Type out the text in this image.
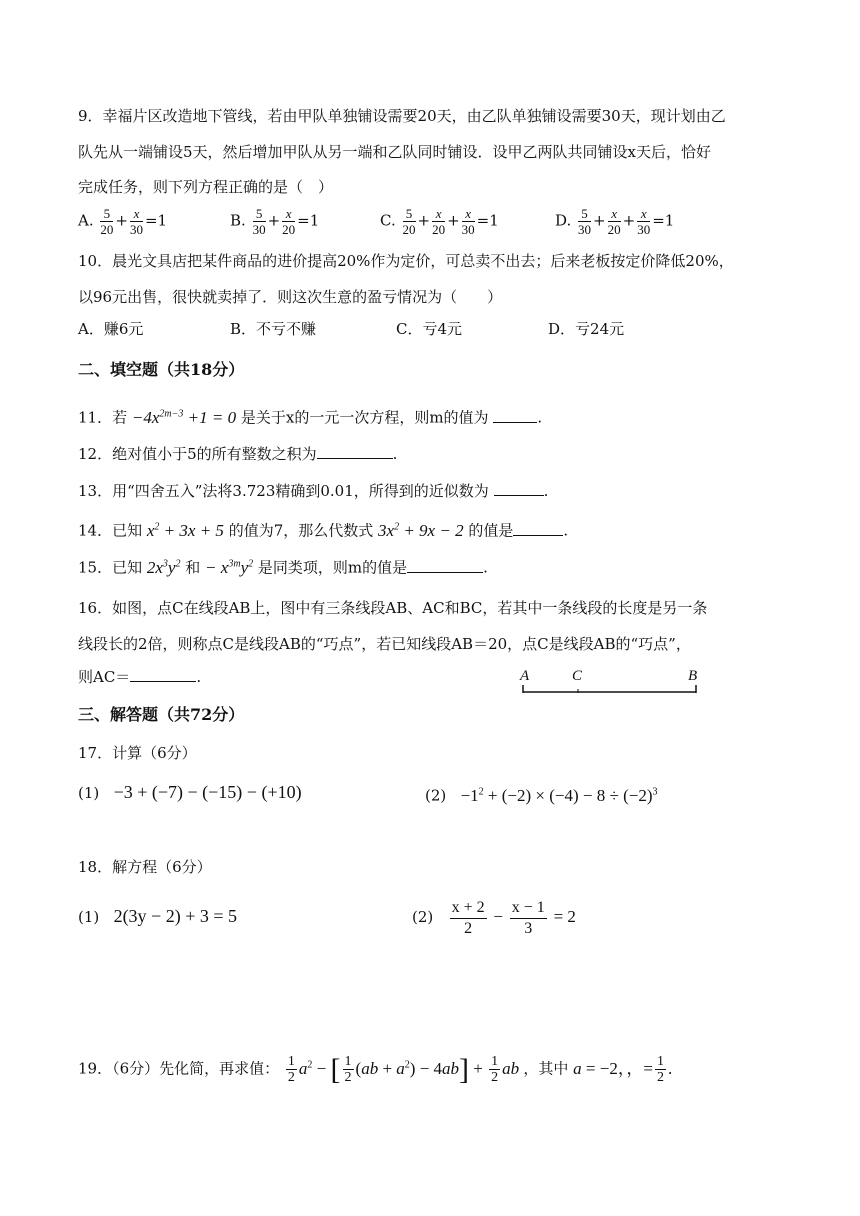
9．幸福片区改造地下管线，若由甲队单独铺设需要20天，由乙队单独铺设需要30天，现计划由乙
队先从一端铺设5天，然后增加甲队从另一端和乙队同时铺设．设甲乙两队共同铺设x天后，恰好
完成任务，则下列方程正确的是（　）
A. $\frac{5}{20} + \frac{x}{30} =1$	B. $\frac{5}{30} + \frac{x}{20} =1$	C. $\frac{5}{20} + \frac{x}{20} + \frac{x}{30} =1$	D. $\frac{5}{30} + \frac{x}{20} + \frac{x}{30} =1$
10．晨光文具店把某件商品的进价提高20%作为定价，可总卖不出去；后来老板按定价降低20%，
以96元出售，很快就卖掉了．则这次生意的盈亏情况为（　　）
A．赚6元	B．不亏不赚	C．亏4元	D．亏24元
二、填空题（共18分）
11．若 $-4x^{2m-3} +1 = 0$ 是关于x的一元一次方程，则m的值为	.
12．绝对值小于5的所有整数之积为	.
13．用“四舍五入”法将3.723精确到0.01，所得到的近似数为	.
14．已知 $x^2 + 3x + 5$ 的值为7，那么代数式 $3x^2 + 9x - 2$ 的值是	.
15．已知 $2x^3y^2$ 和 − $x^{3m}y^2$ 是同类项，则m的值是	.
16．如图，点C在线段AB上，图中有三条线段AB、AC和BC，若其中一条线段的长度是另一条
线段长的2倍，则称点C是线段AB的“巧点”，若已知线段AB＝20，点C是线段AB的“巧点”，
则AC＝	.	A	C	B
三、解答题（共72分）
17．计算（6分）
(1) −3 + (−7) − (−15) − (+10)	$(2) -1^2 + (-2) \times (-4) - 8 \div (-2)^3$
18．解方程（6分）
(1) 2(3y − 2) + 3 = 5	$(2) \frac{x + 2}{2} - \frac{x - 1}{3} = 2$
19．（6分）先化简，再求值： $\frac{1}{2} a^2$ − [ $\frac{1}{2} (ab + a^2) - 4ab] + \frac{1}{2}$ ab ，其中 a = −2，，= $\frac{1}{2}$ .
